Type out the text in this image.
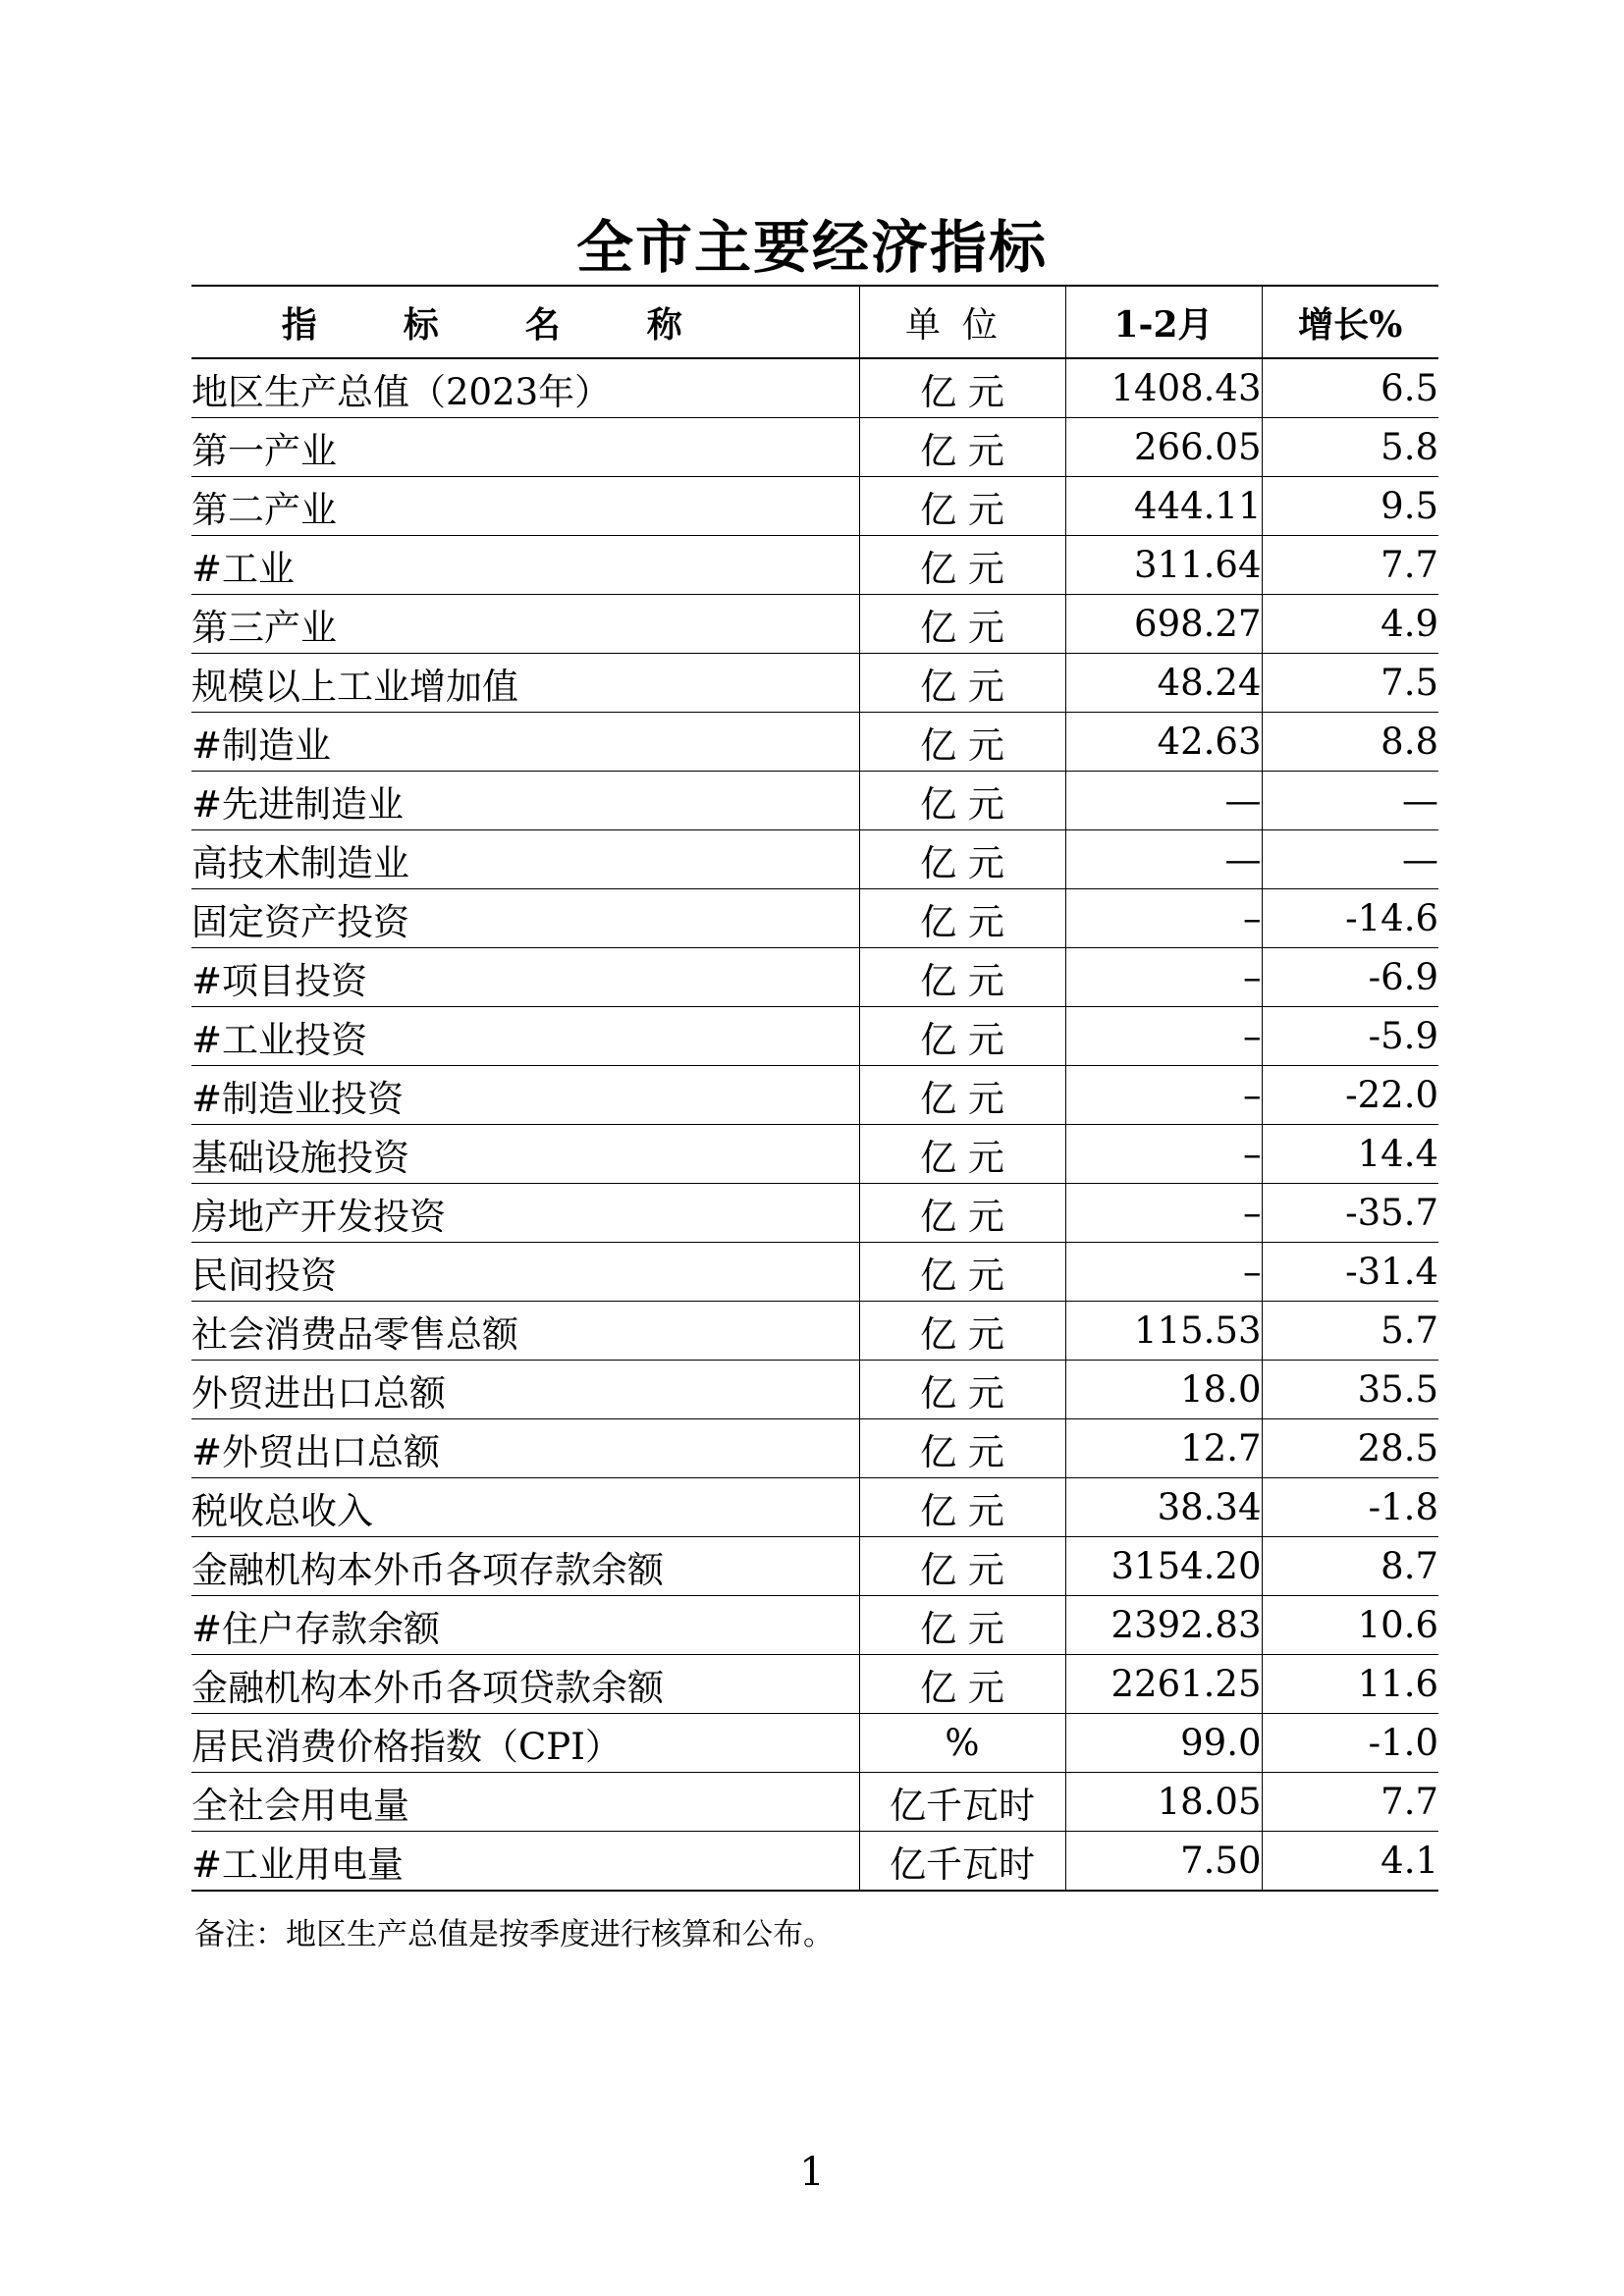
全市主要经济指标
指标名称	单位	1-2月	增长%
地区生产总值（2023年）	亿 元	1408.43	6.5
第一产业	亿 元	266.05	5.8
第二产业	亿 元	444.11	9.5
#工业	亿 元	311.64	7.7
第三产业	亿 元	698.27	4.9
规模以上工业增加值	亿 元	48.24	7.5
#制造业	亿 元	42.63	8.8
#先进制造业	亿 元	—	—
高技术制造业	亿 元	—	—
固定资产投资	亿 元	–	-14.6
#项目投资	亿 元	–	-6.9
#工业投资	亿 元	–	-5.9
#制造业投资	亿 元	–	-22.0
基础设施投资	亿 元	–	14.4
房地产开发投资	亿 元	–	-35.7
民间投资	亿 元	–	-31.4
社会消费品零售总额	亿 元	115.53	5.7
外贸进出口总额	亿 元	18.0	35.5
#外贸出口总额	亿 元	12.7	28.5
税收总收入	亿 元	38.34	-1.8
金融机构本外币各项存款余额	亿 元	3154.20	8.7
#住户存款余额	亿 元	2392.83	10.6
金融机构本外币各项贷款余额	亿 元	2261.25	11.6
居民消费价格指数（CPI）	%	99.0	-1.0
全社会用电量	亿千瓦时	18.05	7.7
#工业用电量	亿千瓦时	7.50	4.1
备注：地区生产总值是按季度进行核算和公布。
1
